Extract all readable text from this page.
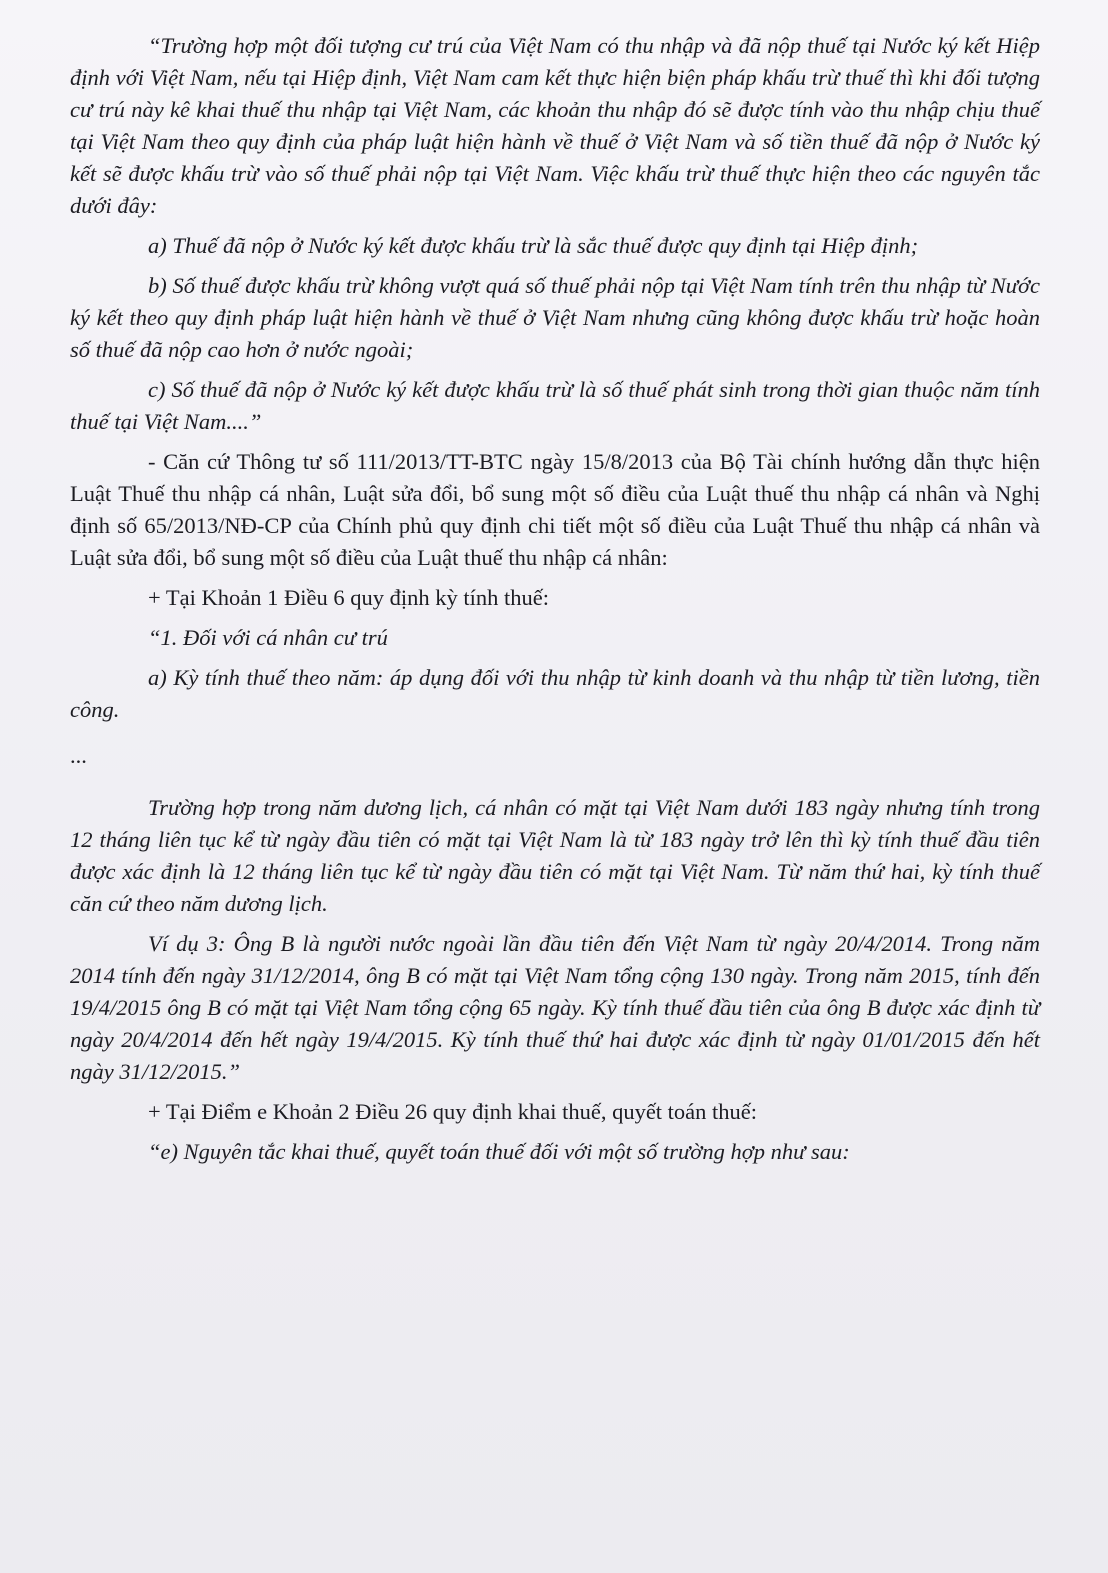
“Trường hợp một đối tượng cư trú của Việt Nam có thu nhập và đã nộp thuế tại Nước ký kết Hiệp định với Việt Nam, nếu tại Hiệp định, Việt Nam cam kết thực hiện biện pháp khấu trừ thuế thì khi đối tượng cư trú này kê khai thuế thu nhập tại Việt Nam, các khoản thu nhập đó sẽ được tính vào thu nhập chịu thuế tại Việt Nam theo quy định của pháp luật hiện hành về thuế ở Việt Nam và số tiền thuế đã nộp ở Nước ký kết sẽ được khấu trừ vào số thuế phải nộp tại Việt Nam. Việc khấu trừ thuế thực hiện theo các nguyên tắc dưới đây:

a) Thuế đã nộp ở Nước ký kết được khấu trừ là sắc thuế được quy định tại Hiệp định;

b) Số thuế được khấu trừ không vượt quá số thuế phải nộp tại Việt Nam tính trên thu nhập từ Nước ký kết theo quy định pháp luật hiện hành về thuế ở Việt Nam nhưng cũng không được khấu trừ hoặc hoàn số thuế đã nộp cao hơn ở nước ngoài;

c) Số thuế đã nộp ở Nước ký kết được khấu trừ là số thuế phát sinh trong thời gian thuộc năm tính thuế tại Việt Nam....”

- Căn cứ Thông tư số 111/2013/TT-BTC ngày 15/8/2013 của Bộ Tài chính hướng dẫn thực hiện Luật Thuế thu nhập cá nhân, Luật sửa đổi, bổ sung một số điều của Luật thuế thu nhập cá nhân và Nghị định số 65/2013/NĐ-CP của Chính phủ quy định chi tiết một số điều của Luật Thuế thu nhập cá nhân và Luật sửa đổi, bổ sung một số điều của Luật thuế thu nhập cá nhân:

+ Tại Khoản 1 Điều 6 quy định kỳ tính thuế:

“1. Đối với cá nhân cư trú

a) Kỳ tính thuế theo năm: áp dụng đối với thu nhập từ kinh doanh và thu nhập từ tiền lương, tiền công.

...

Trường hợp trong năm dương lịch, cá nhân có mặt tại Việt Nam dưới 183 ngày nhưng tính trong 12 tháng liên tục kể từ ngày đầu tiên có mặt tại Việt Nam là từ 183 ngày trở lên thì kỳ tính thuế đầu tiên được xác định là 12 tháng liên tục kể từ ngày đầu tiên có mặt tại Việt Nam. Từ năm thứ hai, kỳ tính thuế căn cứ theo năm dương lịch.

Ví dụ 3: Ông B là người nước ngoài lần đầu tiên đến Việt Nam từ ngày 20/4/2014. Trong năm 2014 tính đến ngày 31/12/2014, ông B có mặt tại Việt Nam tổng cộng 130 ngày. Trong năm 2015, tính đến 19/4/2015 ông B có mặt tại Việt Nam tổng cộng 65 ngày. Kỳ tính thuế đầu tiên của ông B được xác định từ ngày 20/4/2014 đến hết ngày 19/4/2015. Kỳ tính thuế thứ hai được xác định từ ngày 01/01/2015 đến hết ngày 31/12/2015.”

+ Tại Điểm e Khoản 2 Điều 26 quy định khai thuế, quyết toán thuế:

“e) Nguyên tắc khai thuế, quyết toán thuế đối với một số trường hợp như sau:
